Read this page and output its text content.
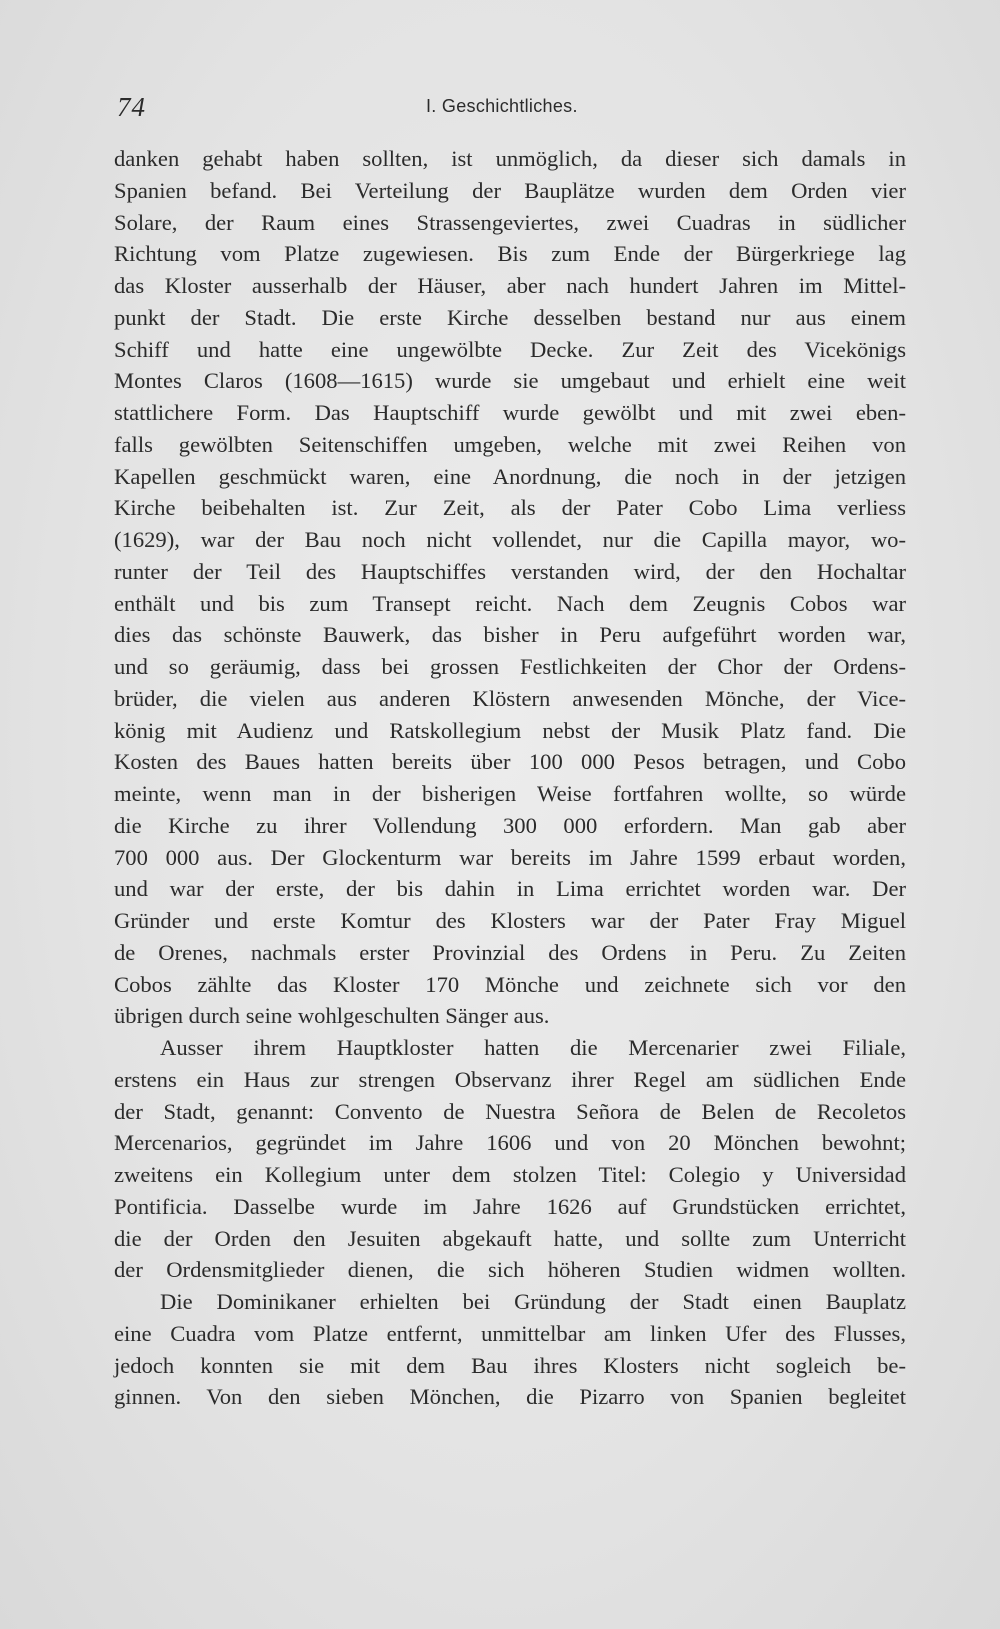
74	I. Geschichtliches.
danken gehabt haben sollten, ist unmöglich, da dieser sich damals in
Spanien befand. Bei Verteilung der Bauplätze wurden dem Orden vier
Solare, der Raum eines Strassengeviertes, zwei Cuadras in südlicher
Richtung vom Platze zugewiesen. Bis zum Ende der Bürgerkriege lag
das Kloster ausserhalb der Häuser, aber nach hundert Jahren im Mittel-
punkt der Stadt. Die erste Kirche desselben bestand nur aus einem
Schiff und hatte eine ungewölbte Decke. Zur Zeit des Vicekönigs
Montes Claros (1608—1615) wurde sie umgebaut und erhielt eine weit
stattlichere Form. Das Hauptschiff wurde gewölbt und mit zwei eben-
falls gewölbten Seitenschiffen umgeben, welche mit zwei Reihen von
Kapellen geschmückt waren, eine Anordnung, die noch in der jetzigen
Kirche beibehalten ist. Zur Zeit, als der Pater Cobo Lima verliess
(1629), war der Bau noch nicht vollendet, nur die Capilla mayor, wo-
runter der Teil des Hauptschiffes verstanden wird, der den Hochaltar
enthält und bis zum Transept reicht. Nach dem Zeugnis Cobos war
dies das schönste Bauwerk, das bisher in Peru aufgeführt worden war,
und so geräumig, dass bei grossen Festlichkeiten der Chor der Ordens-
brüder, die vielen aus anderen Klöstern anwesenden Mönche, der Vice-
könig mit Audienz und Ratskollegium nebst der Musik Platz fand. Die
Kosten des Baues hatten bereits über 100 000 Pesos betragen, und Cobo
meinte, wenn man in der bisherigen Weise fortfahren wollte, so würde
die Kirche zu ihrer Vollendung 300 000 erfordern. Man gab aber
700 000 aus. Der Glockenturm war bereits im Jahre 1599 erbaut worden,
und war der erste, der bis dahin in Lima errichtet worden war. Der
Gründer und erste Komtur des Klosters war der Pater Fray Miguel
de Orenes, nachmals erster Provinzial des Ordens in Peru. Zu Zeiten
Cobos zählte das Kloster 170 Mönche und zeichnete sich vor den
übrigen durch seine wohlgeschulten Sänger aus.
Ausser ihrem Hauptkloster hatten die Mercenarier zwei Filiale,
erstens ein Haus zur strengen Observanz ihrer Regel am südlichen Ende
der Stadt, genannt: Convento de Nuestra Señora de Belen de Recoletos
Mercenarios, gegründet im Jahre 1606 und von 20 Mönchen bewohnt;
zweitens ein Kollegium unter dem stolzen Titel: Colegio y Universidad
Pontificia. Dasselbe wurde im Jahre 1626 auf Grundstücken errichtet,
die der Orden den Jesuiten abgekauft hatte, und sollte zum Unterricht
der Ordensmitglieder dienen, die sich höheren Studien widmen wollten.
Die Dominikaner erhielten bei Gründung der Stadt einen Bauplatz
eine Cuadra vom Platze entfernt, unmittelbar am linken Ufer des Flusses,
jedoch konnten sie mit dem Bau ihres Klosters nicht sogleich be-
ginnen. Von den sieben Mönchen, die Pizarro von Spanien begleitet
